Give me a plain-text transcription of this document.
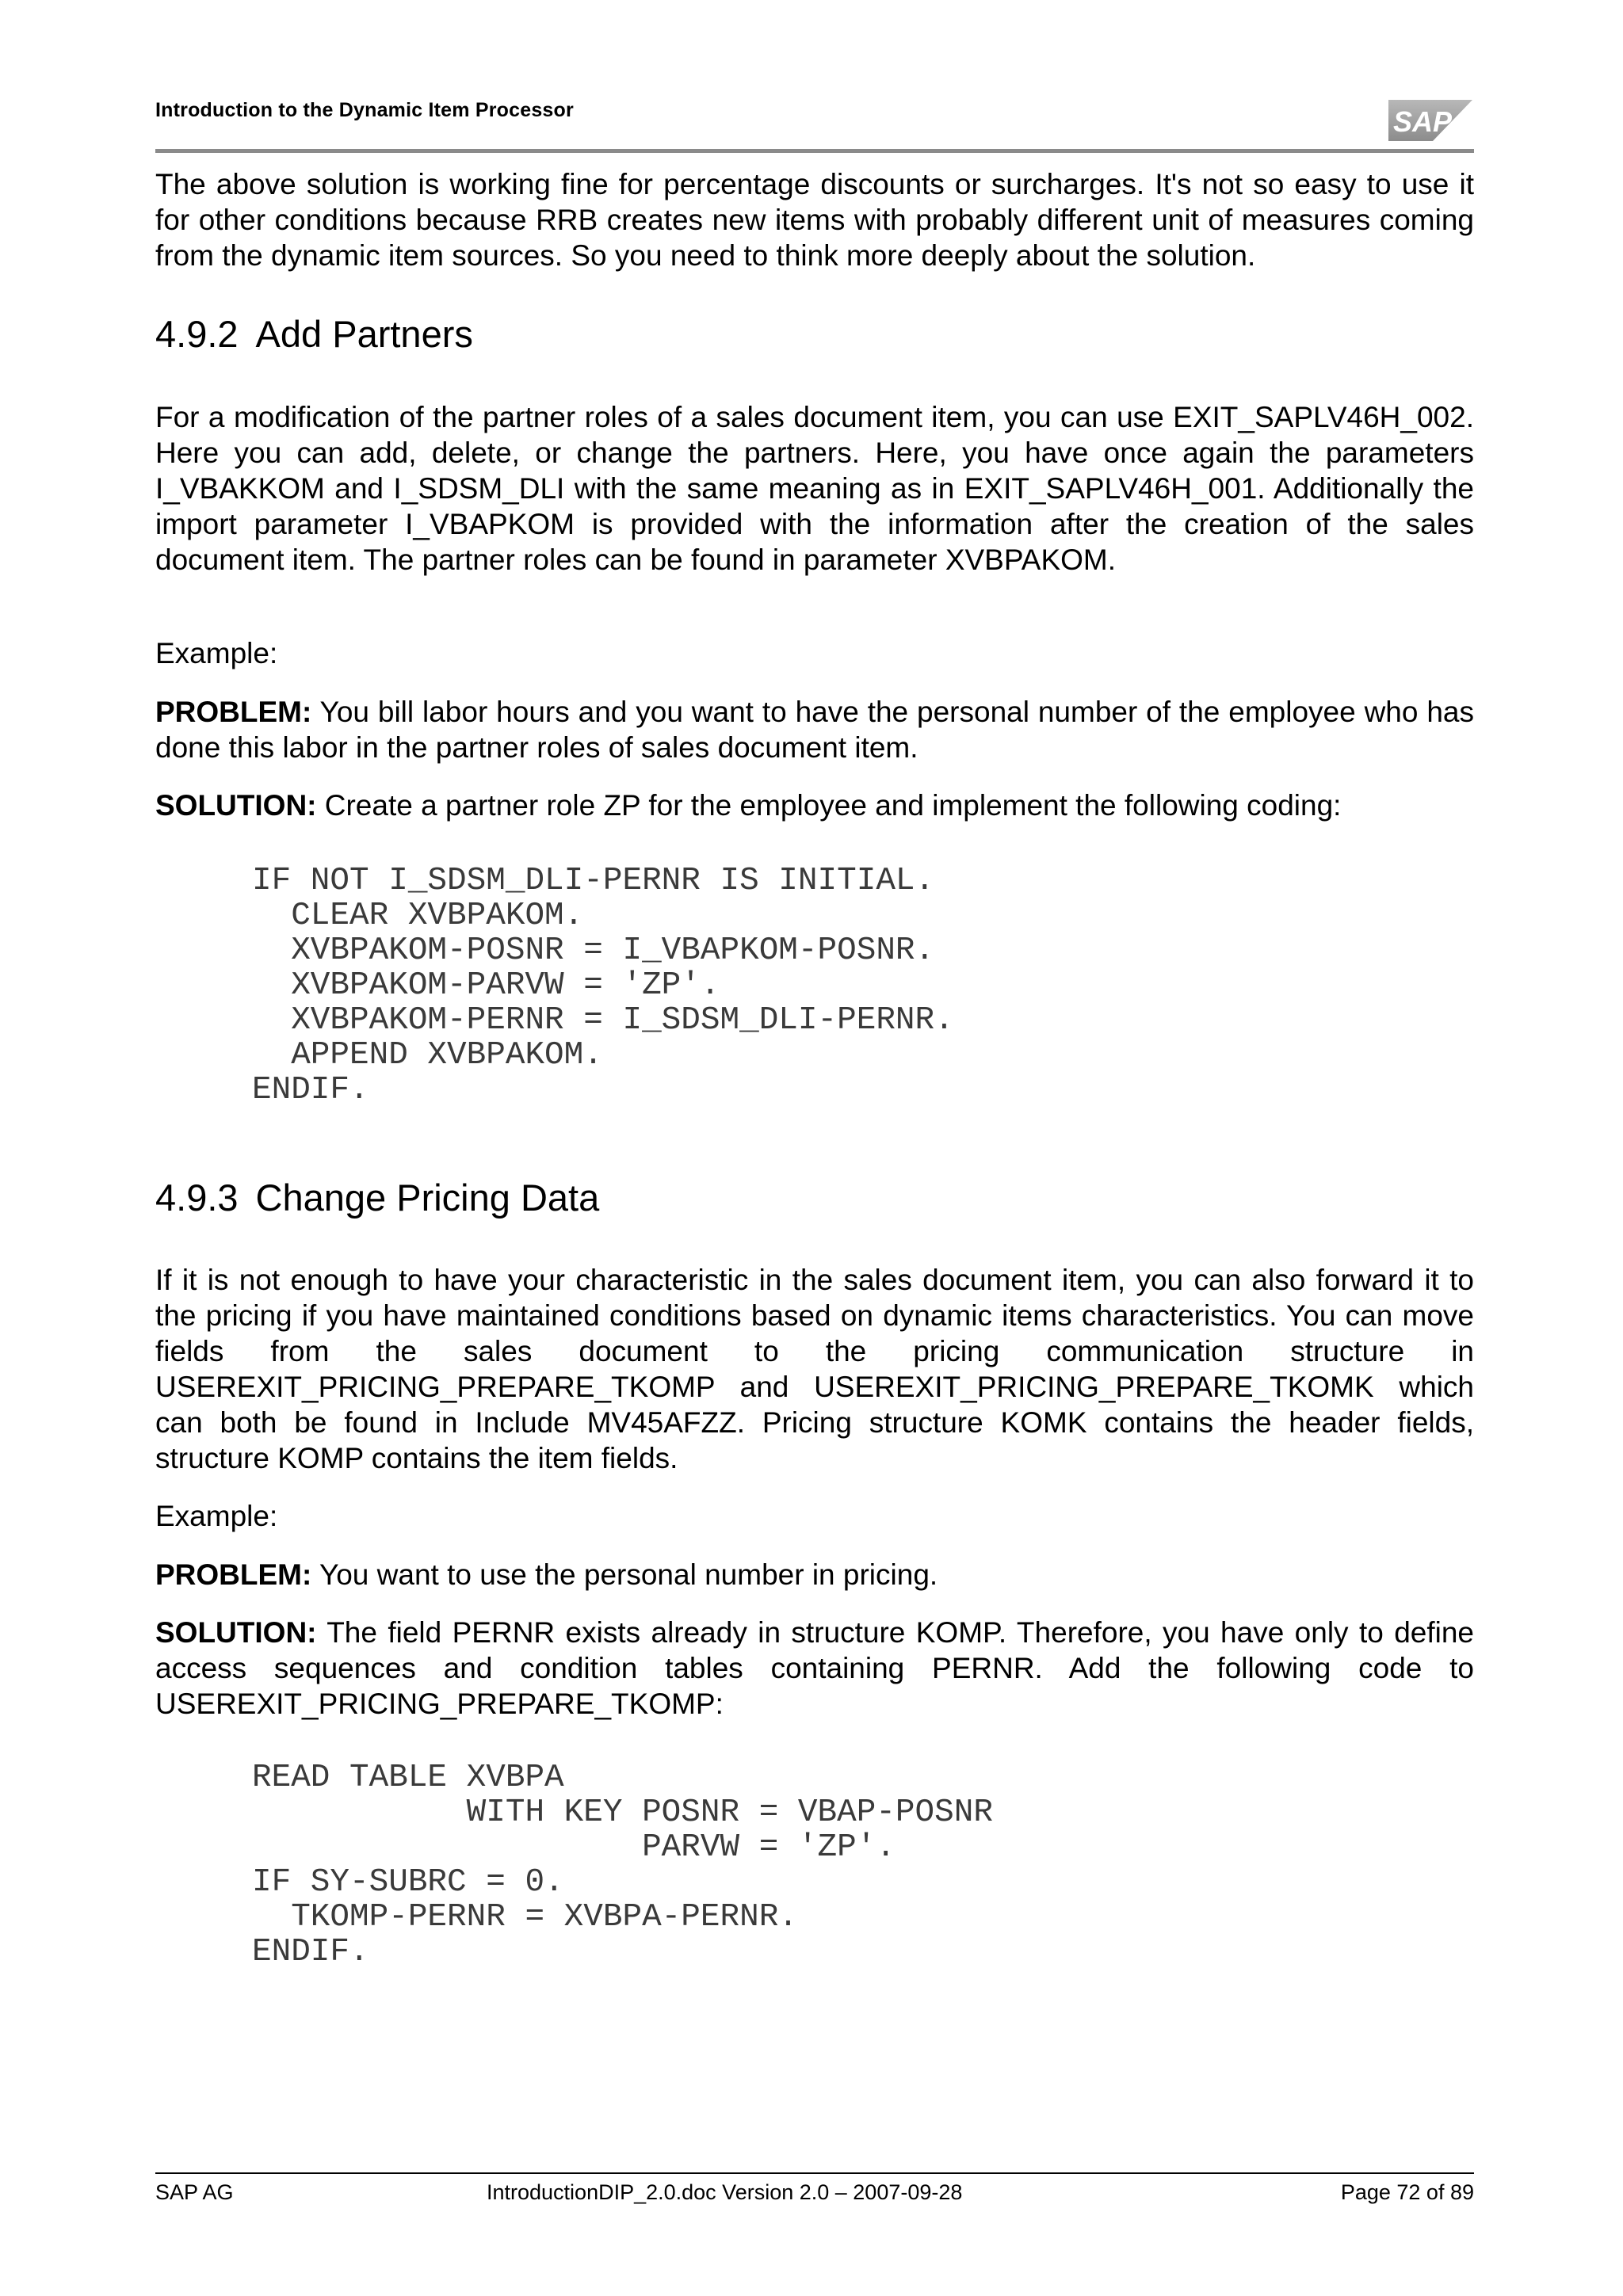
Introduction to the Dynamic Item Processor	SAP
The above solution is working fine for percentage discounts or surcharges. It's not so easy to use it for other conditions because RRB creates new items with probably different unit of measures coming from the dynamic item sources. So you need to think more deeply about the solution.
4.9.2 Add Partners
For a modification of the partner roles of a sales document item, you can use EXIT_SAPLV46H_002. Here you can add, delete, or change the partners. Here, you have once again the parameters I_VBAKKOM and I_SDSM_DLI with the same meaning as in EXIT_SAPLV46H_001. Additionally the import parameter I_VBAPKOM is provided with the information after the creation of the sales document item. The partner roles can be found in parameter XVBPAKOM.
Example:
PROBLEM: You bill labor hours and you want to have the personal number of the employee who has done this labor in the partner roles of sales document item.
SOLUTION: Create a partner role ZP for the employee and implement the following coding:
IF NOT I_SDSM_DLI-PERNR IS INITIAL.
CLEAR XVBPAKOM.
XVBPAKOM-POSNR = I_VBAPKOM-POSNR.
XVBPAKOM-PARVW = 'ZP'.
XVBPAKOM-PERNR = I_SDSM_DLI-PERNR.
APPEND XVBPAKOM.
ENDIF.
4.9.3 Change Pricing Data
If it is not enough to have your characteristic in the sales document item, you can also forward it to the pricing if you have maintained conditions based on dynamic items characteristics. You can move fields from the sales document to the pricing communication structure in USEREXIT_PRICING_PREPARE_TKOMP and USEREXIT_PRICING_PREPARE_TKOMK which can both be found in Include MV45AFZZ. Pricing structure KOMK contains the header fields, structure KOMP contains the item fields.
Example:
PROBLEM: You want to use the personal number in pricing.
SOLUTION: The field PERNR exists already in structure KOMP. Therefore, you have only to define access sequences and condition tables containing PERNR. Add the following code to USEREXIT_PRICING_PREPARE_TKOMP:
READ TABLE XVBPA
WITH KEY POSNR = VBAP-POSNR
PARVW = 'ZP'.
IF SY-SUBRC = 0.
TKOMP-PERNR = XVBPA-PERNR.
ENDIF.
SAP AG	IntroductionDIP_2.0.doc Version 2.0 – 2007-09-28	Page 72 of 89
